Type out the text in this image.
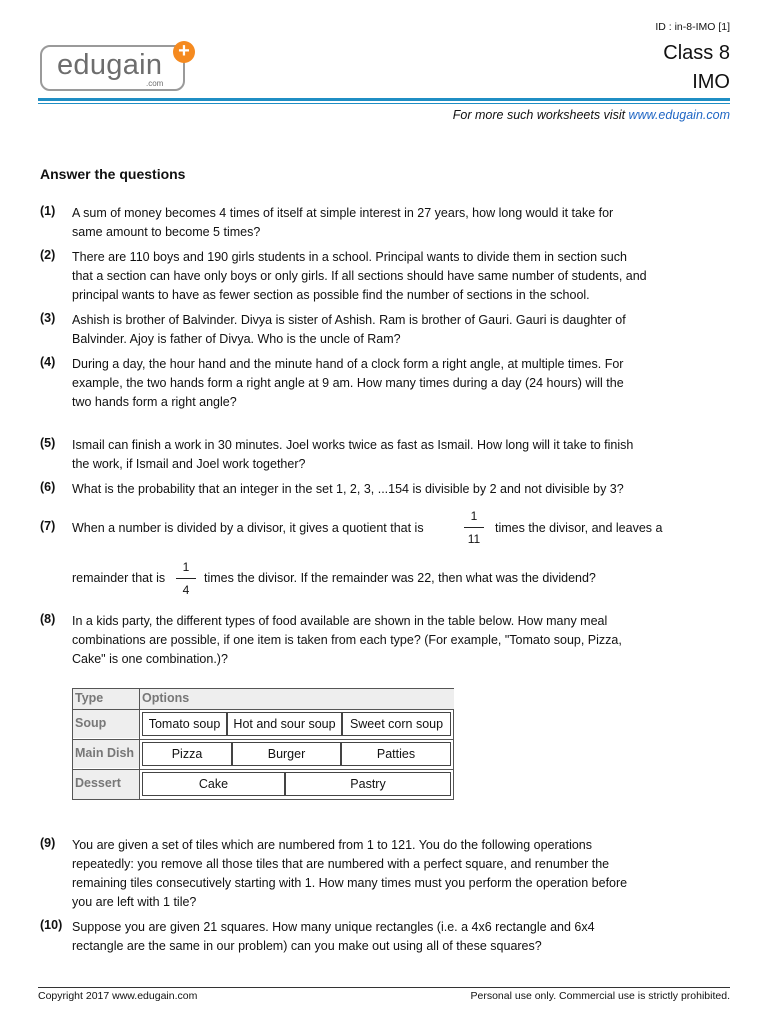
edugain
.com
+
ID : in-8-IMO [1]
Class 8
IMO
For more such worksheets visit www.edugain.com
Answer the questions
(1) A sum of money becomes 4 times of itself at simple interest in 27 years, how long would it take for
same amount to become 5 times?
(2) There are 110 boys and 190 girls students in a school. Principal wants to divide them in section such
that a section can have only boys or only girls. If all sections should have same number of students, and
principal wants to have as fewer section as possible find the number of sections in the school.
(3) Ashish is brother of Balvinder. Divya is sister of Ashish. Ram is brother of Gauri. Gauri is daughter of
Balvinder. Ajoy is father of Divya. Who is the uncle of Ram?
(4) During a day, the hour hand and the minute hand of a clock form a right angle, at multiple times. For
example, the two hands form a right angle at 9 am. How many times during a day (24 hours) will the
two hands form a right angle?
(5) Ismail can finish a work in 30 minutes. Joel works twice as fast as Ismail. How long will it take to finish
the work, if Ismail and Joel work together?
(6) What is the probability that an integer in the set 1, 2, 3, ...154 is divisible by 2 and not divisible by 3?
(7) When a number is divided by a divisor, it gives a quotient that is
1
11
times the divisor, and leaves a
remainder that is
1
4
times the divisor. If the remainder was 22, then what was the dividend?
(8) In a kids party, the different types of food available are shown in the table below. How many meal
combinations are possible, if one item is taken from each type? (For example, "Tomato soup, Pizza,
Cake" is one combination.)?
Type	Options
Soup	Tomato soup	Hot and sour soup	Sweet corn soup
Main Dish	Pizza	Burger	Patties
Dessert	Cake	Pastry
(9) You are given a set of tiles which are numbered from 1 to 121. You do the following operations
repeatedly: you remove all those tiles that are numbered with a perfect square, and renumber the
remaining tiles consecutively starting with 1. How many times must you perform the operation before
you are left with 1 tile?
(10) Suppose you are given 21 squares. How many unique rectangles (i.e. a 4x6 rectangle and 6x4
rectangle are the same in our problem) can you make out using all of these squares?
Copyright 2017 www.edugain.com	Personal use only. Commercial use is strictly prohibited.
